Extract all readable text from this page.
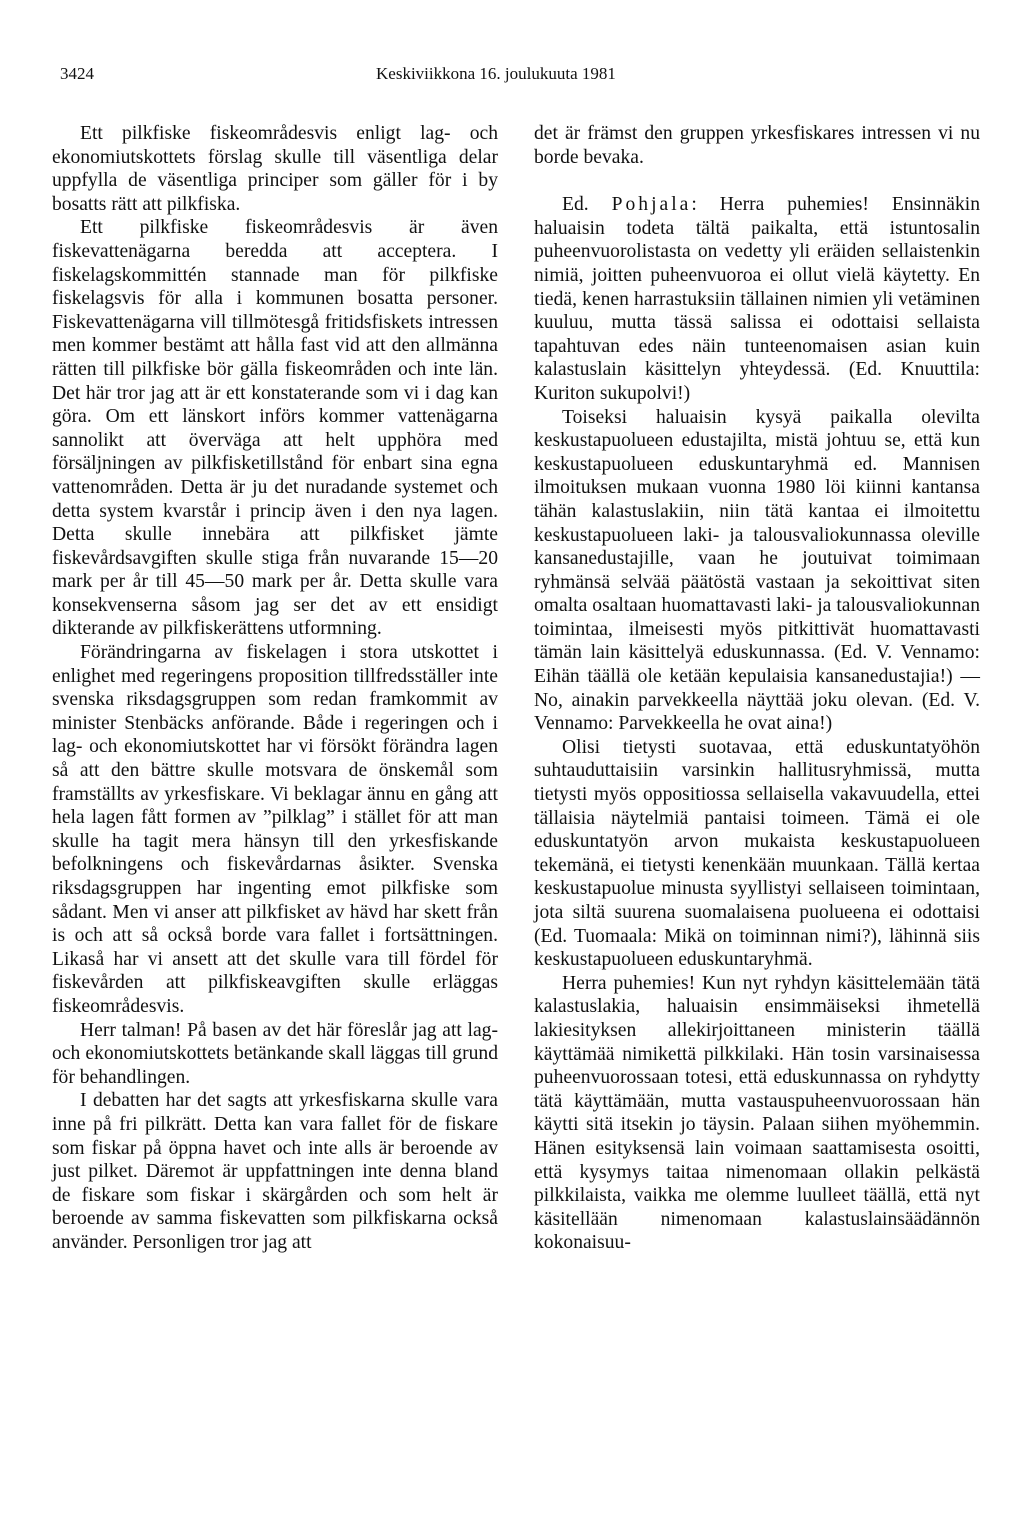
3424	Keskiviikkona 16. joulukuuta 1981

Ett pilkfiske fiskeområdesvis enligt lag- och ekonomiutskottets förslag skulle till väsentliga delar uppfylla de väsentliga principer som gäller för i by bosatts rätt att pilkfiska.

Ett pilkfiske fiskeområdesvis är även fiskevattenägarna beredda att acceptera. I fiskelagskommittén stannade man för pilkfiske fiskelagsvis för alla i kommunen bosatta personer. Fiskevattenägarna vill tillmötesgå fritidsfiskets intressen men kommer bestämt att hålla fast vid att den allmänna rätten till pilkfiske bör gälla fiskeområden och inte län. Det här tror jag att är ett konstaterande som vi i dag kan göra. Om ett länskort införs kommer vattenägarna sannolikt att överväga att helt upphöra med försäljningen av pilkfisketillstånd för enbart sina egna vattenområden. Detta är ju det nuradande systemet och detta system kvarstår i princip även i den nya lagen. Detta skulle innebära att pilkfisket jämte fiskevårdsavgiften skulle stiga från nuvarande 15—20 mark per år till 45—50 mark per år. Detta skulle vara konsekvenserna såsom jag ser det av ett ensidigt dikterande av pilkfiskerättens utformning.

Förändringarna av fiskelagen i stora utskottet i enlighet med regeringens proposition tillfredsställer inte svenska riksdagsgruppen som redan framkommit av minister Stenbäcks anförande. Både i regeringen och i lag- och ekonomiutskottet har vi försökt förändra lagen så att den bättre skulle motsvara de önskemål som framställts av yrkesfiskare. Vi beklagar ännu en gång att hela lagen fått formen av ”pilklag” i stället för att man skulle ha tagit mera hänsyn till den yrkesfiskande befolkningens och fiskevårdarnas åsikter. Svenska riksdagsgruppen har ingenting emot pilkfiske som sådant. Men vi anser att pilkfisket av hävd har skett från is och att så också borde vara fallet i fortsättningen. Likaså har vi ansett att det skulle vara till fördel för fiskevården att pilkfiskeavgiften skulle erläggas fiskeområdesvis.

Herr talman! På basen av det här föreslår jag att lag- och ekonomiutskottets betänkande skall läggas till grund för behandlingen.

I debatten har det sagts att yrkesfiskarna skulle vara inne på fri pilkrätt. Detta kan vara fallet för de fiskare som fiskar på öppna havet och inte alls är beroende av just pilket. Däremot är uppfattningen inte denna bland de fiskare som fiskar i skärgården och som helt är beroende av samma fiskevatten som pilkfiskarna också använder. Personligen tror jag att

det är främst den gruppen yrkesfiskares intressen vi nu borde bevaka.

Ed. Pohjala: Herra puhemies! Ensinnäkin haluaisin todeta tältä paikalta, että istuntosalin puheenvuorolistasta on vedetty yli eräiden sellaistenkin nimiä, joitten puheenvuoroa ei ollut vielä käytetty. En tiedä, kenen harrastuksiin tällainen nimien yli vetäminen kuuluu, mutta tässä salissa ei odottaisi sellaista tapahtuvan edes näin tunteenomaisen asian kuin kalastuslain käsittelyn yhteydessä. (Ed. Knuuttila: Kuriton sukupolvi!)

Toiseksi haluaisin kysyä paikalla olevilta keskustapuolueen edustajilta, mistä johtuu se, että kun keskustapuolueen eduskuntaryhmä ed. Mannisen ilmoituksen mukaan vuonna 1980 löi kiinni kantansa tähän kalastuslakiin, niin tätä kantaa ei ilmoitettu keskustapuolueen laki- ja talousvaliokunnassa oleville kansanedustajille, vaan he joutuivat toimimaan ryhmänsä selvää päätöstä vastaan ja sekoittivat siten omalta osaltaan huomattavasti laki- ja talousvaliokunnan toimintaa, ilmeisesti myös pitkittivät huomattavasti tämän lain käsittelyä eduskunnassa. (Ed. V. Vennamo: Eihän täällä ole ketään kepulaisia kansanedustajia!) — No, ainakin parvekkeella näyttää joku olevan. (Ed. V. Vennamo: Parvekkeella he ovat aina!)

Olisi tietysti suotavaa, että eduskuntatyöhön suhtauduttaisiin varsinkin hallitusryhmissä, mutta tietysti myös oppositiossa sellaisella vakavuudella, ettei tällaisia näytelmiä pantaisi toimeen. Tämä ei ole eduskuntatyön arvon mukaista keskustapuolueen tekemänä, ei tietysti kenenkään muunkaan. Tällä kertaa keskustapuolue minusta syyllistyi sellaiseen toimintaan, jota siltä suurena suomalaisena puolueena ei odottaisi (Ed. Tuomaala: Mikä on toiminnan nimi?), lähinnä siis keskustapuolueen eduskuntaryhmä.

Herra puhemies! Kun nyt ryhdyn käsittelemään tätä kalastuslakia, haluaisin ensimmäiseksi ihmetellä lakiesityksen allekirjoittaneen ministerin täällä käyttämää nimikettä pilkkilaki. Hän tosin varsinaisessa puheenvuorossaan totesi, että eduskunnassa on ryhdytty tätä käyttämään, mutta vastauspuheenvuorossaan hän käytti sitä itsekin jo täysin. Palaan siihen myöhemmin. Hänen esityksensä lain voimaan saattamisesta osoitti, että kysymys taitaa nimenomaan ollakin pelkästä pilkkilaista, vaikka me olemme luulleet täällä, että nyt käsitellään nimenomaan kalastuslainsäädännön kokonaisuu-
